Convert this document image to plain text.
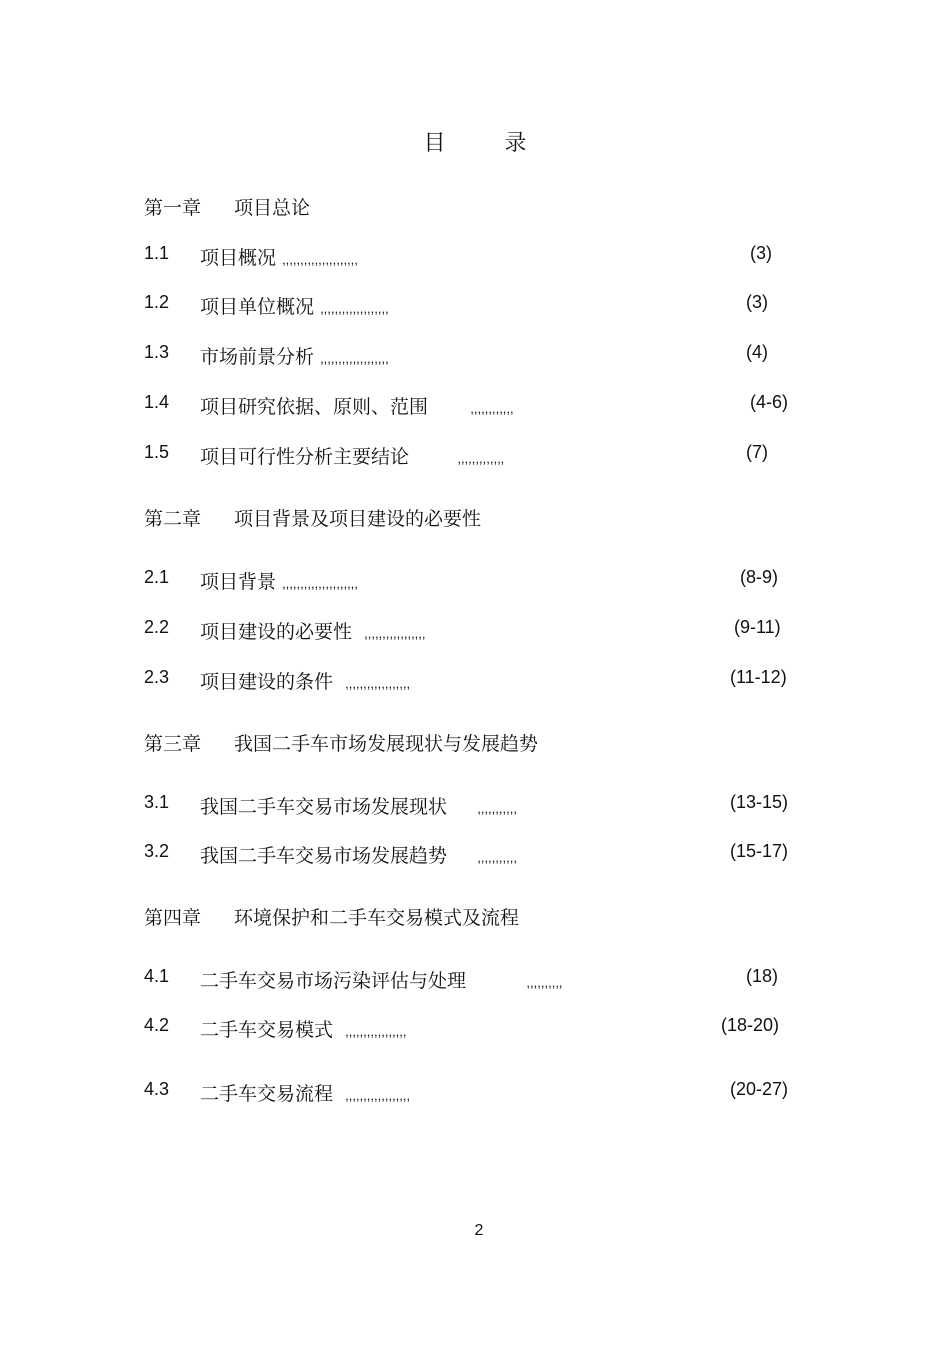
目 录
第一章 项目总论
1.1 项目概况 ,,,,,,,,,,,,,,,,,,,,,	(3)
1.2 项目单位概况 ,,,,,,,,,,,,,,,,,,,	(3)
1.3 市场前景分析 ,,,,,,,,,,,,,,,,,,,	(4)
1.4 项目研究依据、原则、范围	,,,,,,,,,,,,	(4-6)
1.5 项目可行性分析主要结论	,,,,,,,,,,,,,	(7)
第二章 项目背景及项目建设的必要性
2.1 项目背景 ,,,,,,,,,,,,,,,,,,,,,	(8-9)
2.2 项目建设的必要性 ,,,,,,,,,,,,,,,,,	(9-11)
2.3 项目建设的条件 ,,,,,,,,,,,,,,,,,,	(11-12)
第三章 我国二手车市场发展现状与发展趋势
3.1 我国二手车交易市场发展现状 ,,,,,,,,,,,	(13-15)
3.2 我国二手车交易市场发展趋势 ,,,,,,,,,,,	(15-17)
第四章 环境保护和二手车交易模式及流程
4.1 二手车交易市场污染评估与处理	,,,,,,,,,,	(18)
4.2 二手车交易模式 ,,,,,,,,,,,,,,,,,	(18-20)
4.3 二手车交易流程 ,,,,,,,,,,,,,,,,,,	(20-27)
2
